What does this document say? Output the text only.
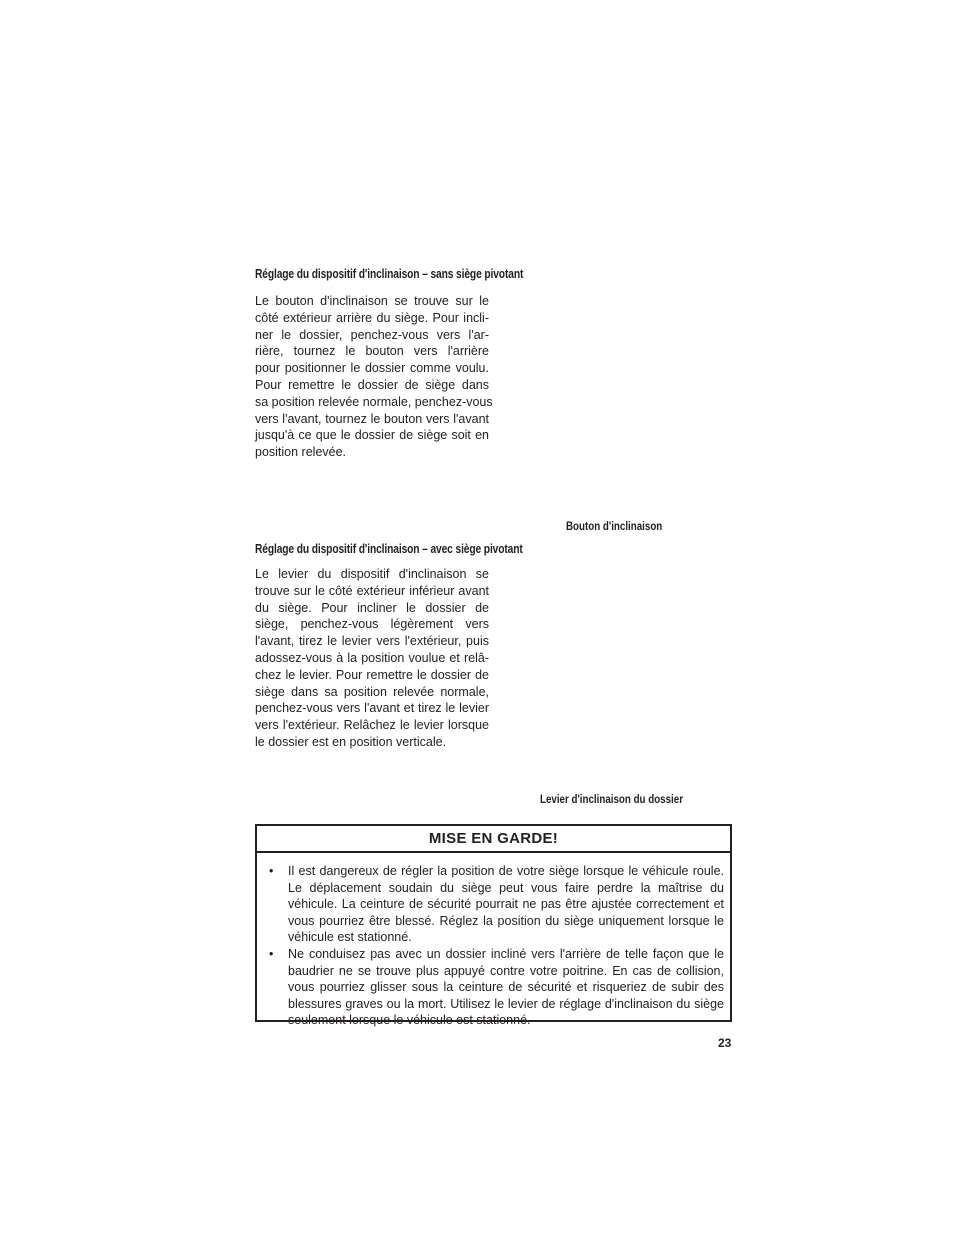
Réglage du dispositif d'inclinaison – sans siège pivotant
Le bouton d'inclinaison se trouve sur le
côté extérieur arrière du siège. Pour incli-
ner le dossier, penchez-vous vers l'ar-
rière, tournez le bouton vers l'arrière
pour positionner le dossier comme voulu.
Pour remettre le dossier de siège dans
sa position relevée normale, penchez-vous
vers l'avant, tournez le bouton vers l'avant
jusqu'à ce que le dossier de siège soit en
position relevée.
Bouton d'inclinaison
Réglage du dispositif d'inclinaison – avec siège pivotant
Le levier du dispositif d'inclinaison se
trouve sur le côté extérieur inférieur avant
du siège. Pour incliner le dossier de
siège, penchez-vous légèrement vers
l'avant, tirez le levier vers l'extérieur, puis
adossez-vous à la position voulue et relâ-
chez le levier. Pour remettre le dossier de
siège dans sa position relevée normale,
penchez-vous vers l'avant et tirez le levier
vers l'extérieur. Relâchez le levier lorsque
le dossier est en position verticale.
Levier d'inclinaison du dossier
MISE EN GARDE!
• Il est dangereux de régler la position de votre siège lorsque le véhicule roule. Le déplacement soudain du siège peut vous faire perdre la maîtrise du véhicule. La ceinture de sécurité pourrait ne pas être ajustée correctement et vous pourriez être blessé. Réglez la position du siège uniquement lorsque le véhicule est stationné.
• Ne conduisez pas avec un dossier incliné vers l'arrière de telle façon que le baudrier ne se trouve plus appuyé contre votre poitrine. En cas de collision, vous pourriez glisser sous la ceinture de sécurité et risqueriez de subir des blessures graves ou la mort. Utilisez le levier de réglage d'inclinaison du siège seulement lorsque le véhicule est stationné.
23
